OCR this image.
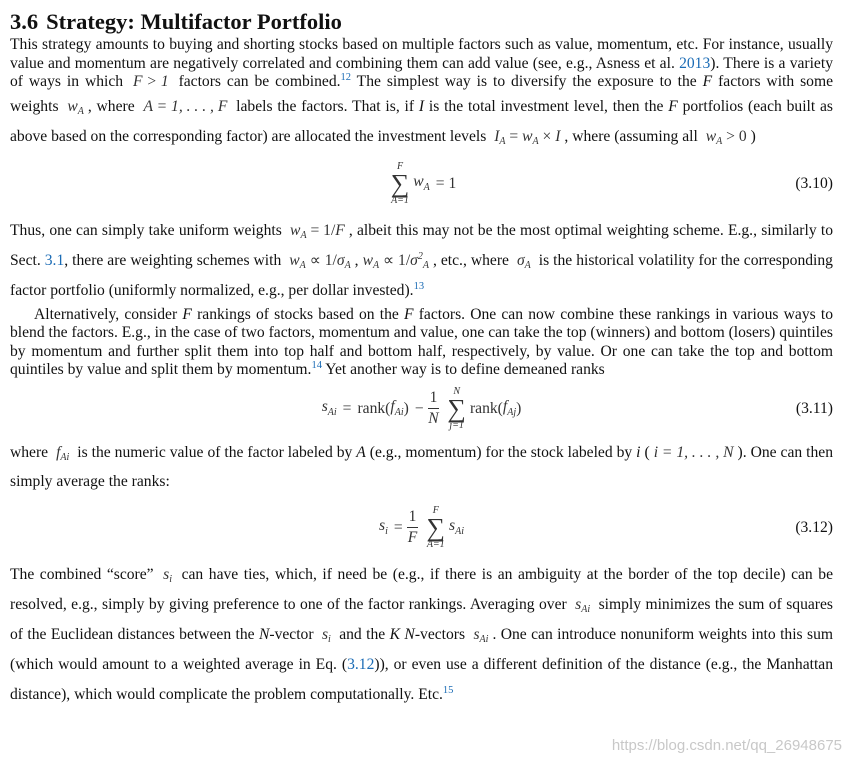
3.6 Strategy: Multifactor Portfolio

This strategy amounts to buying and shorting stocks based on multiple factors such as value, momentum, etc. For instance, usually value and momentum are negatively correlated and combining them can add value (see, e.g., Asness et al. 2013). There is a variety of ways in which F > 1 factors can be combined.$^{12}$ The simplest way is to diversify the exposure to the F factors with some weights $w_A$ , where A = 1, . . . , F labels the factors. That is, if I is the total investment level, then the F portfolios (each built as above based on the corresponding factor) are allocated the investment levels $I_A = w_A \times I$ , where (assuming all $w_A > 0$ )

F
∑
A=1
$w_A = 1$	(3.10)

Thus, one can simply take uniform weights $w_A = 1/F$ , albeit this may not be the most optimal weighting scheme. E.g., similarly to Sect. 3.1, there are weighting schemes with $w_A \propto 1/\sigma_A$ , $w_A \propto 1/\sigma^2_A$ , etc., where $\sigma_A$ is the historical volatility for the corresponding factor portfolio (uniformly normalized, e.g., per dollar invested).$^{13}$

Alternatively, consider F rankings of stocks based on the F factors. One can now combine these rankings in various ways to blend the factors. E.g., in the case of two factors, momentum and value, one can take the top (winners) and bottom (losers) quintiles by momentum and further split them into top half and bottom half, respectively, by value. Or one can take the top and bottom quintiles by value and split them by momentum.$^{14}$ Yet another way is to define demeaned ranks

$s_{Ai}$ = rank ( $f_{Ai}$ ) − $\frac{1}{N}$ N
∑
j=1
rank ( $f_{Aj}$ )	(3.11)

where $f_{Ai}$ is the numeric value of the factor labeled by A (e.g., momentum) for the stock labeled by i ( i = 1, . . . , N ). One can then simply average the ranks:

$s_i = \frac{1}{F}$ F
∑
A=1
$s_{Ai}$	(3.12)

The combined “score” $s_i$ can have ties, which, if need be (e.g., if there is an ambiguity at the border of the top decile) can be resolved, e.g., simply by giving preference to one of the factor rankings. Averaging over $s_{Ai}$ simply minimizes the sum of squares of the Euclidean distances between the N-vector $s_i$ and the K N-vectors $s_{Ai}$ . One can introduce nonuniform weights into this sum (which would amount to a weighted average in Eq. (3.12)), or even use a different definition of the distance (e.g., the Manhattan distance), which would complicate the problem computationally. Etc.$^{15}$

https://blog.csdn.net/qq_26948675
